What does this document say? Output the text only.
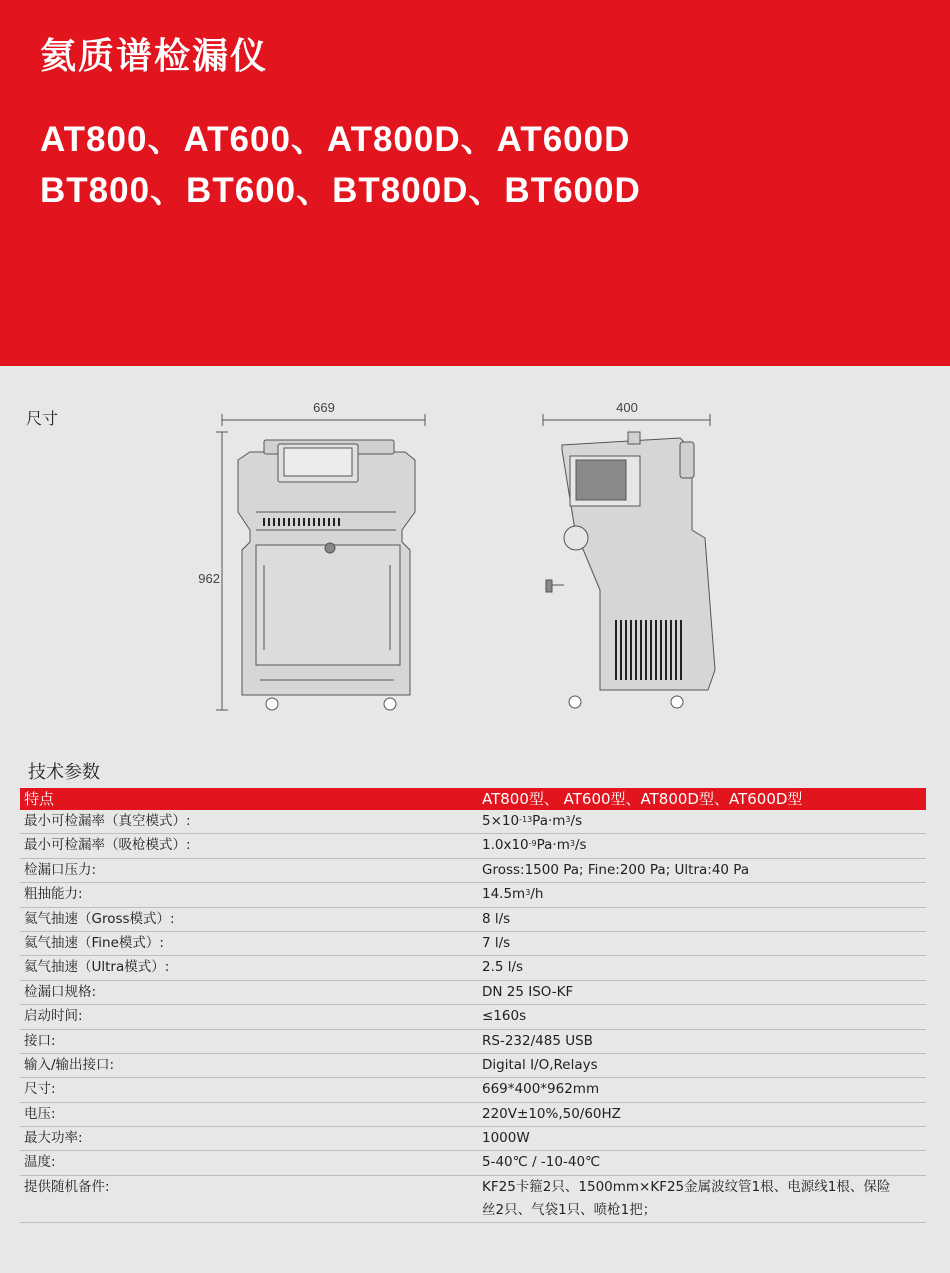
氦质谱检漏仪

AT800、AT600、AT800D、AT600D

BT800、BT600、BT800D、BT600D

尺寸
669
962
400
技术参数
特点	AT800型、 AT600型、AT800D型、AT600D型
最小可检漏率（真空模式）:	$5\times 10^{-13}Pa\cdot m^3/s$
最小可检漏率（吸枪模式）:	$1.0x10^{-9}Pa\cdot m^3/s$
检漏口压力:	Gross:1500 Pa; Fine:200 Pa; Ultra:40 Pa
粗抽能力:	$14.5m^3/h$
氦气抽速（Gross模式）:	8 l/s
氦气抽速（Fine模式）:	7 l/s
氦气抽速（Ultra模式）:	2.5 l/s
检漏口规格:	DN 25 ISO-KF
启动时间:	≤160s
接口:	RS-232/485 USB
输入/输出接口:	Digital I/O,Relays
尺寸:	669*400*962mm
电压:	220V±10%,50/60HZ
最大功率:	1000W
温度:	5-40℃ / -10-40℃
提供随机备件:	KF25卡箍2只、1500mm×KF25金属波纹管1根、电源线1根、保险丝2只、气袋1只、喷枪1把；
